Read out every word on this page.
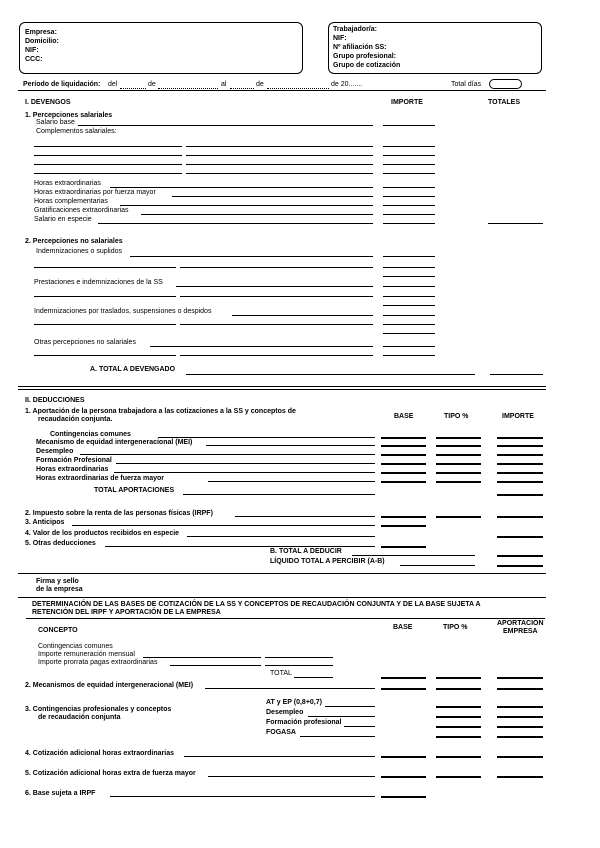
Empresa:
Domicilio:
NIF:
CCC:
Trabajador/a:
NIF:
Nº afiliación SS:
Grupo profesional:
Grupo de cotización
Período de liquidación: del	de	al	de	de 20.......	Total días
I. DEVENGOS	IMPORTE	TOTALES
1. Percepciones salariales
Salario base
Complementos salariales:
Horas extraordinarias
Horas extraordinarias por fuerza mayor
Horas complementarias
Gratificaciones extraordinarias
Salario en especie
2. Percepciones no salariales
Indemnizaciones o suplidos
Prestaciones e indemnizaciones de la SS
Indemnizaciones por traslados, suspensiones o despidos
Otras percepciones no salariales
A. TOTAL A DEVENGADO
II. DEDUCCIONES
1. Aportación de la persona trabajadora a las cotizaciones a la SS y conceptos de
recaudación conjunta.	BASE	TIPO %	IMPORTE
Contingencias comunes
Mecanismo de equidad intergeneracional (MEI)
Desempleo
Formación Profesional
Horas extraordinarias
Horas extraordinarias de fuerza mayor
TOTAL APORTACIONES
2. Impuesto sobre la renta de las personas físicas (IRPF)
3. Anticipos
4. Valor de los productos recibidos en especie
5. Otras deducciones
B. TOTAL A DEDUCIR
LÍQUIDO TOTAL A PERCIBIR (A-B)
Firma y sello
de la empresa
DETERMINACIÓN DE LAS BASES DE COTIZACIÓN DE LA SS Y CONCEPTOS DE RECAUDACIÓN CONJUNTA Y DE LA BASE SUJETA A
RETENCIÓN DEL IRPF Y APORTACIÓN DE LA EMPRESA
CONCEPTO	BASE	TIPO %
APORTACIÓN
EMPRESA
Contingencias comunes
Importe remuneración mensual
Importe prorrata pagas extraordinarias
TOTAL
2. Mecanismos de equidad intergeneracional (MEI)
3. Contingencias profesionales y conceptos
de recaudación conjunta
AT y EP (0,8+0,7)
Desempleo
Formación profesional
FOGASA
4. Cotización adicional horas extraordinarias
5. Cotización adicional horas extra de fuerza mayor
6. Base sujeta a IRPF
